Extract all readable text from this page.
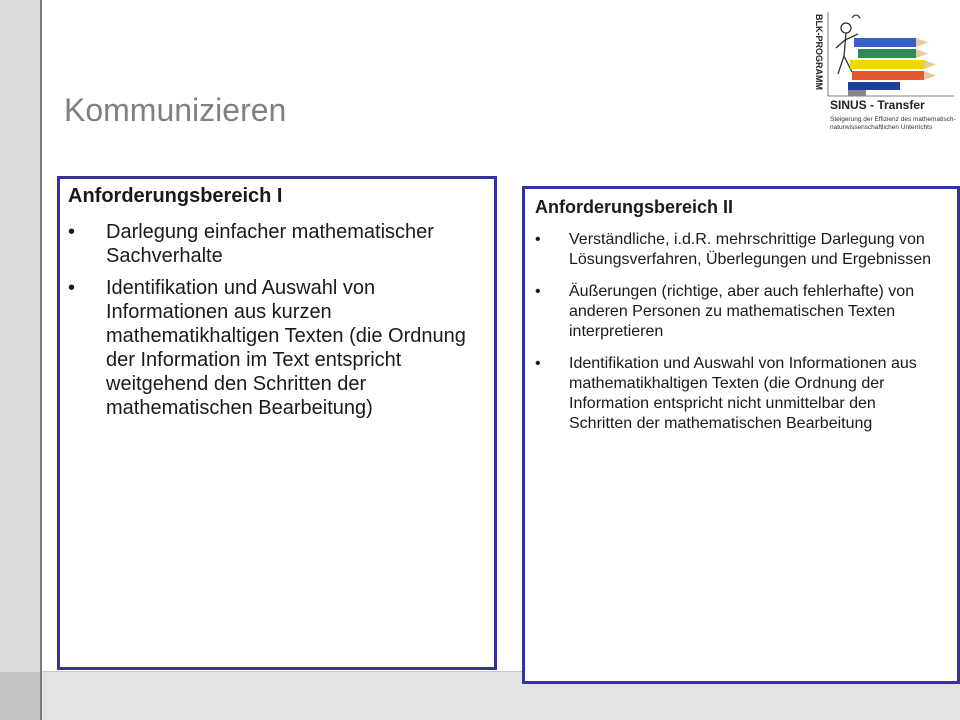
Kommunizieren
BLK-PROGRAMM
SINUS - Transfer
Steigerung der Effizienz des mathematisch-naturwissenschaftlichen Unterrichts

Anforderungsbereich I

• Darlegung einfacher mathematischer Sachverhalte
• Identifikation und Auswahl von Informationen aus kurzen mathematikhaltigen Texten (die Ordnung der Information im Text entspricht weitgehend den Schritten der mathematischen Bearbeitung)

Anforderungsbereich II

• Verständliche, i.d.R. mehrschrittige Darlegung von Lösungsverfahren, Überlegungen und Ergebnissen
• Äußerungen (richtige, aber auch fehlerhafte) von anderen Personen zu mathematischen Texten interpretieren
• Identifikation und Auswahl von Informationen aus mathematikhaltigen Texten (die Ordnung der Information entspricht nicht unmittelbar den Schritten der mathematischen Bearbeitung
